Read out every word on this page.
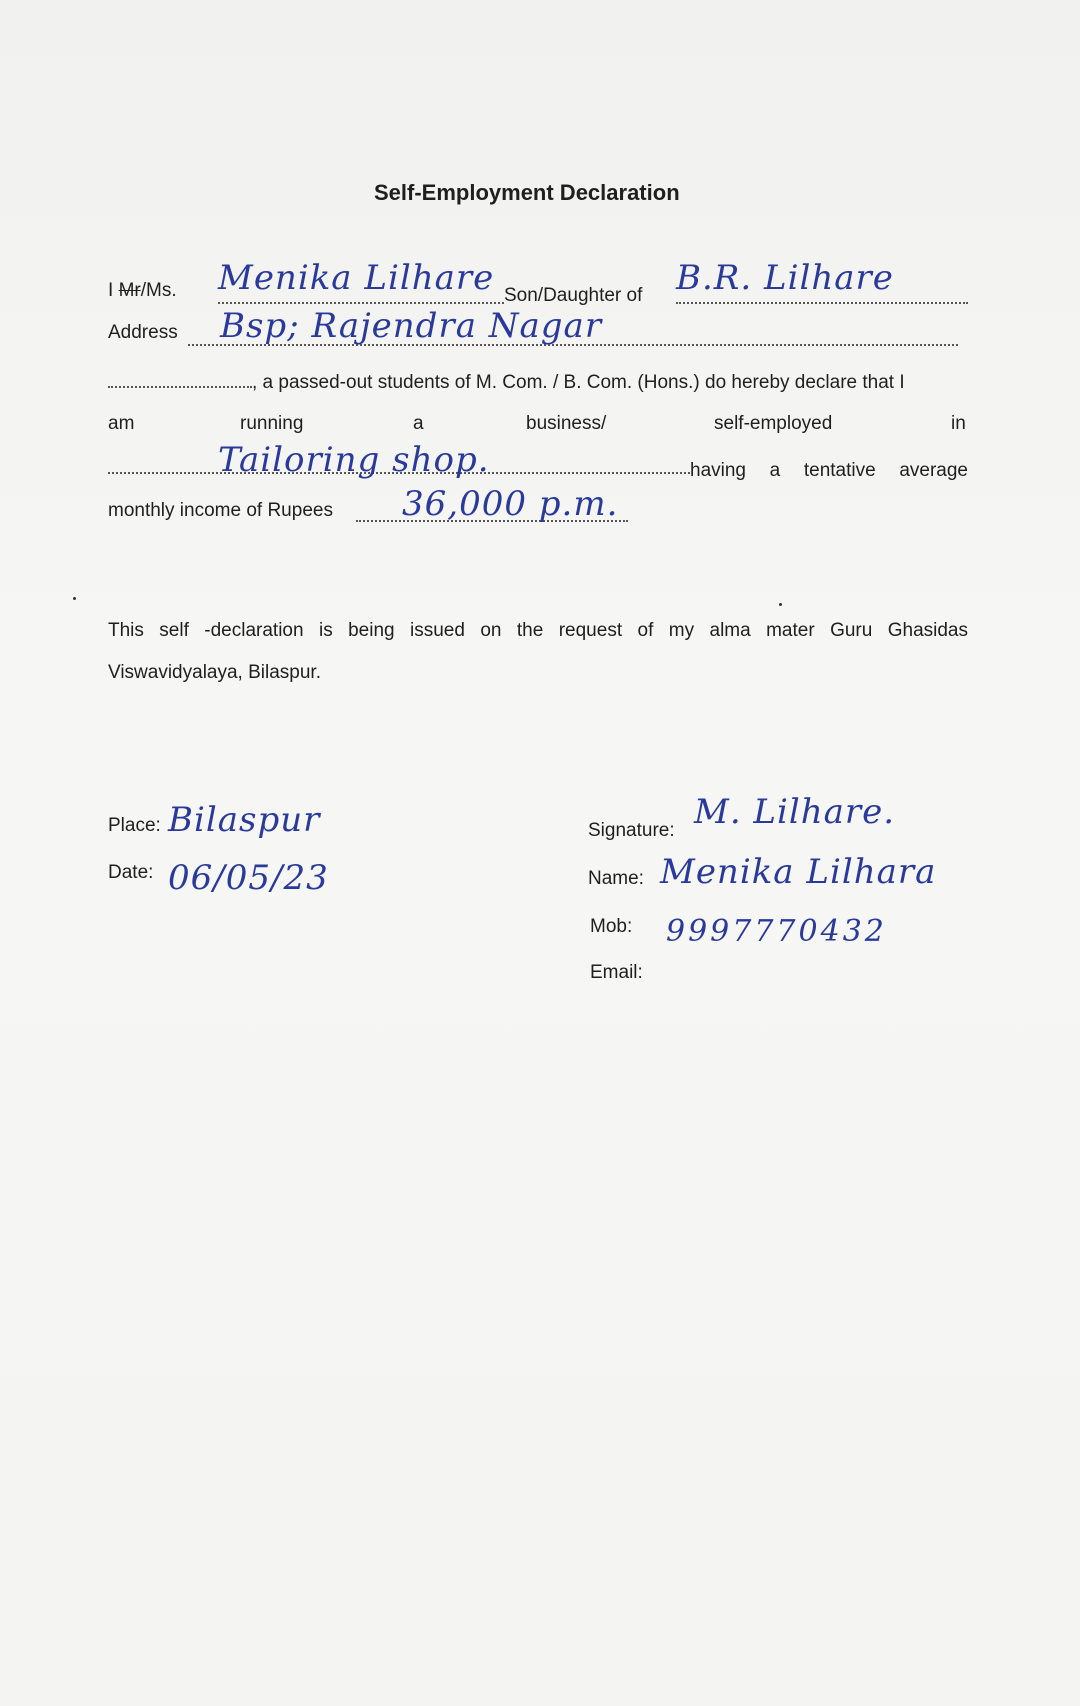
Self-Employment Declaration
I Mr/Ms. Menika Lilhare Son/Daughter of B.R. Lilhare
Address Bsp; Rajendra Nagar
, a passed-out students of M. Com. / B. Com. (Hons.) do hereby declare that I
am	running	a	business/	self-employed	in
Tailoring shop.	having a tentative average
monthly income of Rupees 36,000 p.m.
This self -declaration is being issued on the request of my alma mater Guru Ghasidas
Viswavidyalaya, Bilaspur.
Place: Bilaspur
Date: 06/05/23
Signature: M. Lilhare.
Name: Menika Lilhara
Mob: 9997770432
Email:
